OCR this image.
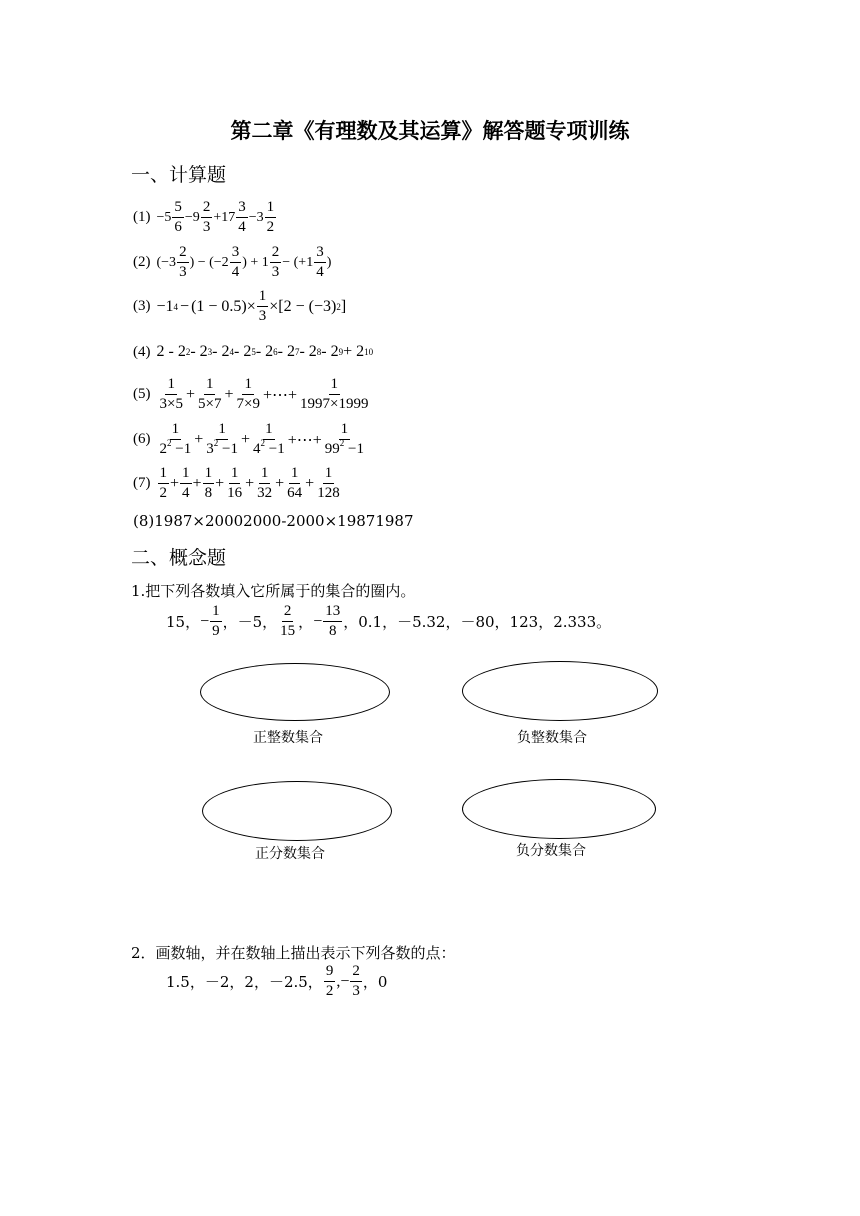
第二章《有理数及其运算》解答题专项训练
一、计算题
$(1) -5 \frac{5}{6} -9 \frac{2}{3} +17 \frac{3}{4} -3 \frac{1}{2}$
(2) ($-3 \frac{2}{3}$ ) − ($-2 \frac{3}{4}$ ) + $1 \frac{2}{3} - (+1 \frac{3}{4}$ )
(3) −1 $4 - (1 - 0.5)\times \frac{1}{3} \times[2 - (-3)$ 2 ]
(4) 2 - 2 2 - 2 3 - 2 4 - 2 5 - 2 6 - 2 7 - 2 8 - 2 9 + 2 10
$(5) \frac{1}{3\times 5} + \frac{1}{5\times 7} + \frac{1}{7\times 9}$ +⋯+ $\frac{1}{1997\times 1999}$
$(6) \frac{1}{2^2 -1} + \frac{1}{3^2 -1} + \frac{1}{4^2 -1}$ +⋯+ $\frac{1}{99^2 -1}$
$(7) \frac{1}{2} + \frac{1}{4} + \frac{1}{8} + \frac{1}{16} + \frac{1}{32} + \frac{1}{64} + \frac{1}{128}$
(8)1987×20002000-2000×19871987
二、概念题
1.把下列各数填入它所属于的集合的圈内。
15， − $\frac{1}{9}$ ，－5， $\frac{2}{15}$ ， − $\frac{13}{8}$ ，0.1，－5.32，－80，123，2.333。
正整数集合	负整数集合
正分数集合	负分数集合
2．画数轴，并在数轴上描出表示下列各数的点：
1.5，－2，2，－2.5， $\frac{9}{2}$ ,− $\frac{2}{3}$ ，0
